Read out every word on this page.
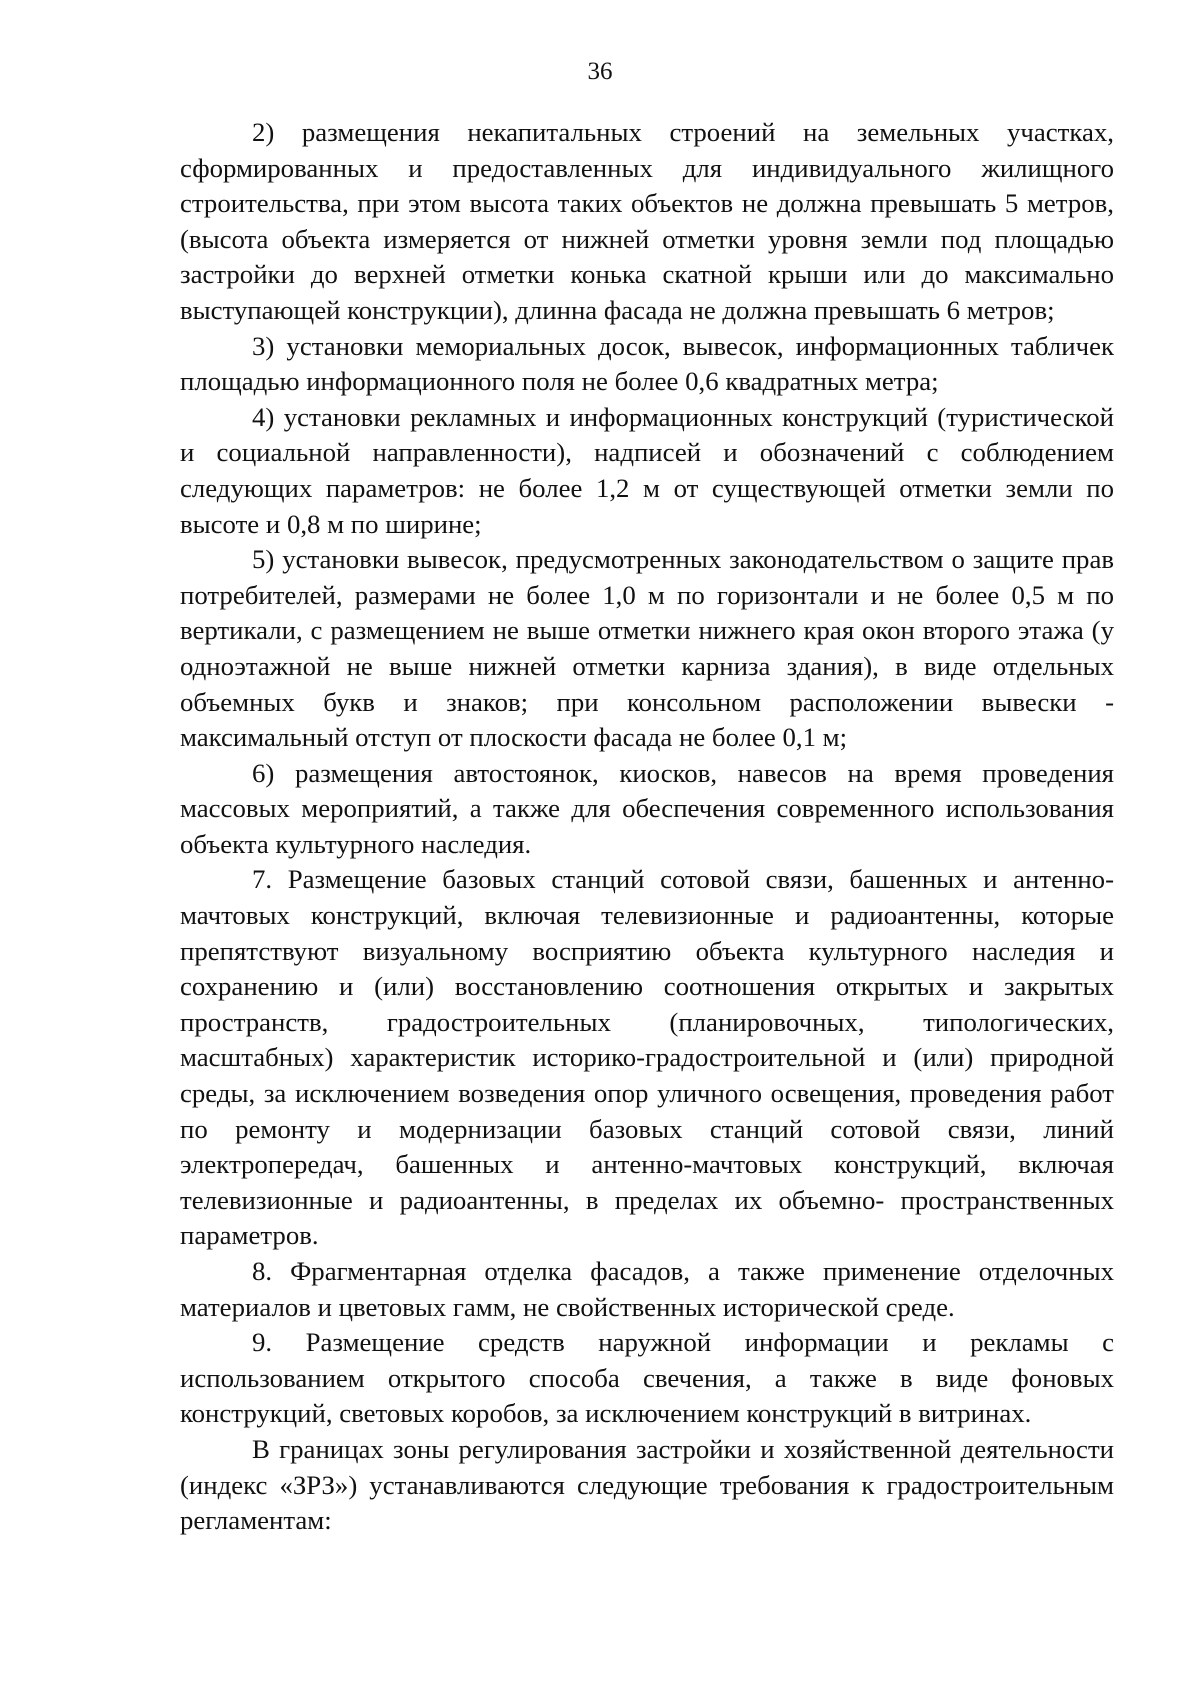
36

2) размещения некапитальных строений на земельных участках, сформированных и предоставленных для индивидуального жилищного строительства, при этом высота таких объектов не должна превышать 5 метров, (высота объекта измеряется от нижней отметки уровня земли под площадью застройки до верхней отметки конька скатной крыши или до максимально выступающей конструкции), длинна фасада не должна превышать 6 метров;

3) установки мемориальных досок, вывесок, информационных табличек площадью информационного поля не более 0,6 квадратных метра;

4) установки рекламных и информационных конструкций (туристической и социальной направленности), надписей и обозначений с соблюдением следующих параметров: не более 1,2 м от существующей отметки земли по высоте и 0,8 м по ширине;

5) установки вывесок, предусмотренных законодательством о защите прав потребителей, размерами не более 1,0 м по горизонтали и не более 0,5 м по вертикали, с размещением не выше отметки нижнего края окон второго этажа (у одноэтажной не выше нижней отметки карниза здания), в виде отдельных объемных букв и знаков; при консольном расположении вывески - максимальный отступ от плоскости фасада не более 0,1 м;

6) размещения автостоянок, киосков, навесов на время проведения массовых мероприятий, а также для обеспечения современного использования объекта культурного наследия.

7. Размещение базовых станций сотовой связи, башенных и антенно-мачтовых конструкций, включая телевизионные и радиоантенны, которые препятствуют визуальному восприятию объекта культурного наследия и сохранению и (или) восстановлению соотношения открытых и закрытых пространств, градостроительных (планировочных, типологических, масштабных) характеристик историко-градостроительной и (или) природной среды, за исключением возведения опор уличного освещения, проведения работ по ремонту и модернизации базовых станций сотовой связи, линий электропередач, башенных и антенно-мачтовых конструкций, включая телевизионные и радиоантенны, в пределах их объемно- пространственных параметров.

8. Фрагментарная отделка фасадов, а также применение отделочных материалов и цветовых гамм, не свойственных исторической среде.

9. Размещение средств наружной информации и рекламы с использованием открытого способа свечения, а также в виде фоновых конструкций, световых коробов, за исключением конструкций в витринах.

В границах зоны регулирования застройки и хозяйственной деятельности (индекс «ЗРЗ») устанавливаются следующие требования к градостроительным регламентам:
